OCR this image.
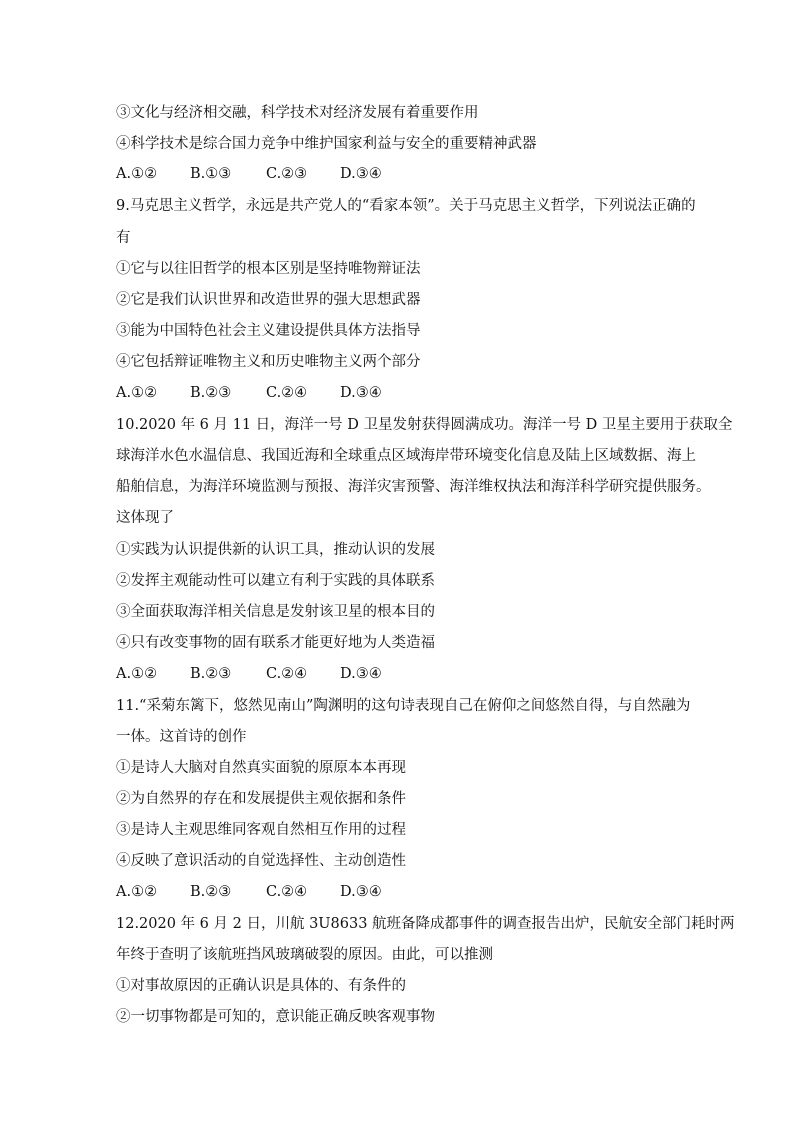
③文化与经济相交融，科学技术对经济发展有着重要作用
④科学技术是综合国力竞争中维护国家利益与安全的重要精神武器
A.①② B.①③ C.②③ D.③④
9.马克思主义哲学，永远是共产党人的“看家本领”。关于马克思主义哲学，下列说法正确的
有
①它与以往旧哲学的根本区别是坚持唯物辩证法
②它是我们认识世界和改造世界的强大思想武器
③能为中国特色社会主义建设提供具体方法指导
④它包括辩证唯物主义和历史唯物主义两个部分
A.①② B.②③ C.②④ D.③④
10.2020 年 6 月 11 日，海洋一号 D 卫星发射获得圆满成功。海洋一号 D 卫星主要用于获取全
球海洋水色水温信息、我国近海和全球重点区域海岸带环境变化信息及陆上区域数据、海上
船舶信息，为海洋环境监测与预报、海洋灾害预警、海洋维权执法和海洋科学研究提供服务。
这体现了
①实践为认识提供新的认识工具，推动认识的发展
②发挥主观能动性可以建立有利于实践的具体联系
③全面获取海洋相关信息是发射该卫星的根本目的
④只有改变事物的固有联系才能更好地为人类造福
A.①② B.②③ C.②④ D.③④
11.“采菊东篱下，悠然见南山”陶渊明的这句诗表现自己在俯仰之间悠然自得，与自然融为
一体。这首诗的创作
①是诗人大脑对自然真实面貌的原原本本再现
②为自然界的存在和发展提供主观依据和条件
③是诗人主观思维同客观自然相互作用的过程
④反映了意识活动的自觉选择性、主动创造性
A.①② B.②③ C.②④ D.③④
12.2020 年 6 月 2 日，川航 3U8633 航班备降成都事件的调查报告出炉，民航安全部门耗时两
年终于查明了该航班挡风玻璃破裂的原因。由此，可以推测
①对事故原因的正确认识是具体的、有条件的
②一切事物都是可知的，意识能正确反映客观事物
